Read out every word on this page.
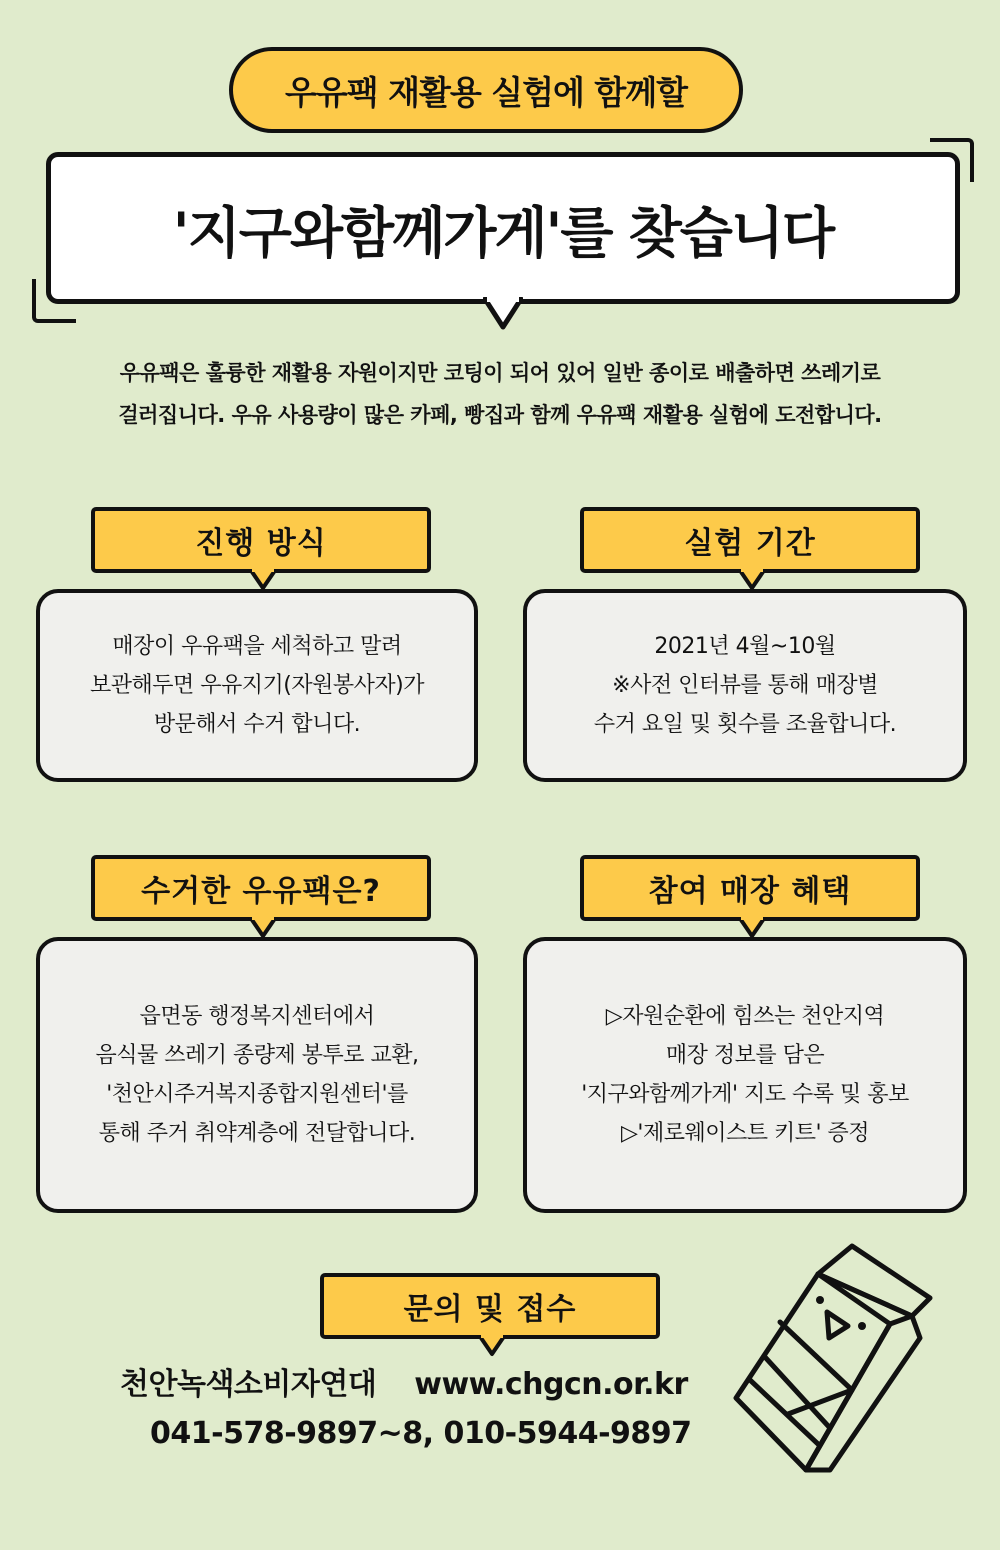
우유팩 재활용 실험에 함께할
'지구와함께가게'를 찾습니다
우유팩은 훌륭한 재활용 자원이지만 코팅이 되어 있어 일반 종이로 배출하면 쓰레기로
걸러집니다. 우유 사용량이 많은 카페, 빵집과 함께 우유팩 재활용 실험에 도전합니다.
진행 방식
매장이 우유팩을 세척하고 말려
보관해두면 우유지기(자원봉사자)가
방문해서 수거 합니다.
실험 기간
2021년 4월~10월
※사전 인터뷰를 통해 매장별
수거 요일 및 횟수를 조율합니다.
수거한 우유팩은?
읍면동 행정복지센터에서
음식물 쓰레기 종량제 봉투로 교환,
'천안시주거복지종합지원센터'를
통해 주거 취약계층에 전달합니다.
참여 매장 혜택
▷자원순환에 힘쓰는 천안지역
매장 정보를 담은
'지구와함께가게' 지도 수록 및 홍보
▷'제로웨이스트 키트' 증정
문의 및 접수
천안녹색소비자연대 www.chgcn.or.kr
041-578-9897~8, 010-5944-9897
